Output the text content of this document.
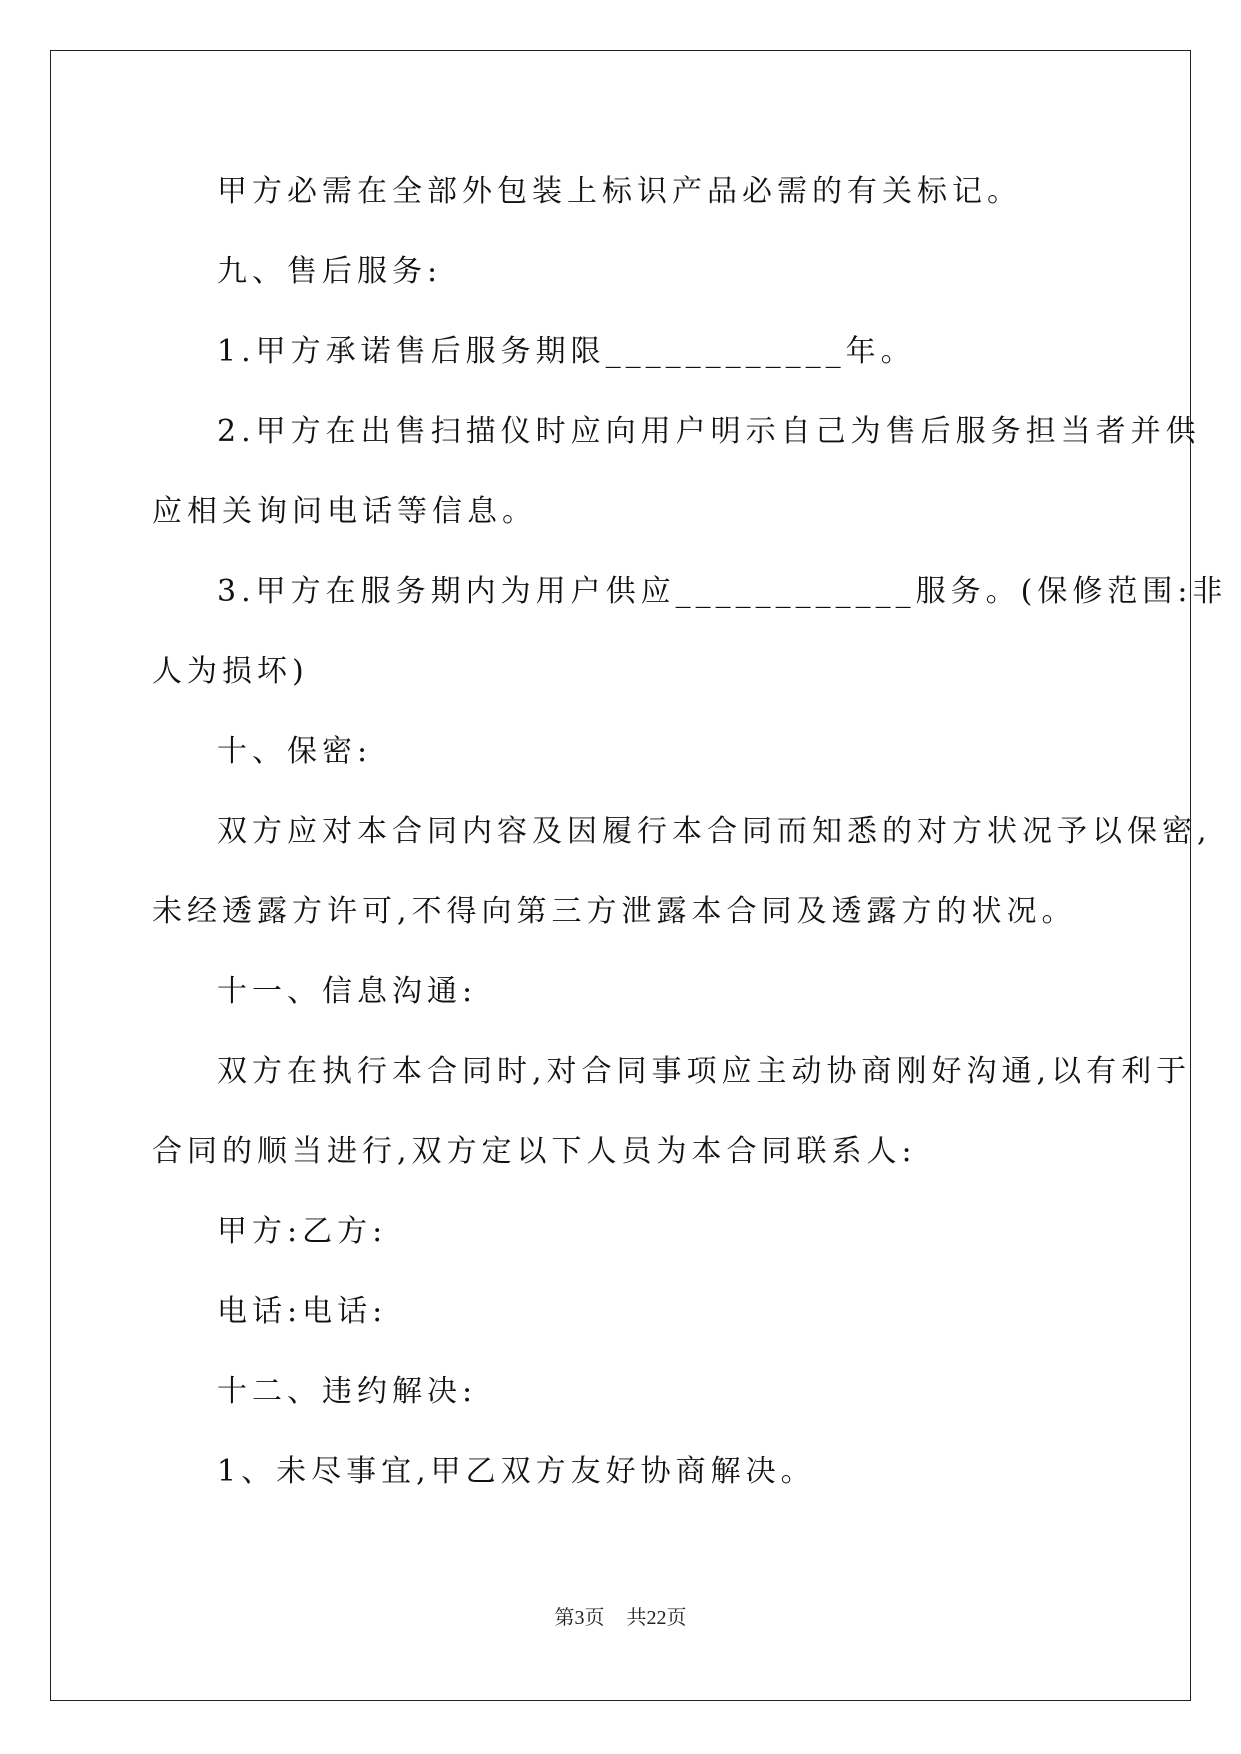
甲方必需在全部外包装上标识产品必需的有关标记。
九、售后服务:
1.甲方承诺售后服务期限____________年。
2.甲方在出售扫描仪时应向用户明示自己为售后服务担当者并供
应相关询问电话等信息。
3.甲方在服务期内为用户供应____________服务。(保修范围:非
人为损坏)
十、保密:
双方应对本合同内容及因履行本合同而知悉的对方状况予以保密,
未经透露方许可,不得向第三方泄露本合同及透露方的状况。
十一、信息沟通:
双方在执行本合同时,对合同事项应主动协商刚好沟通,以有利于
合同的顺当进行,双方定以下人员为本合同联系人:
甲方:乙方:
电话:电话:
十二、违约解决:
1、未尽事宜,甲乙双方友好协商解决。
第3页 共22页
